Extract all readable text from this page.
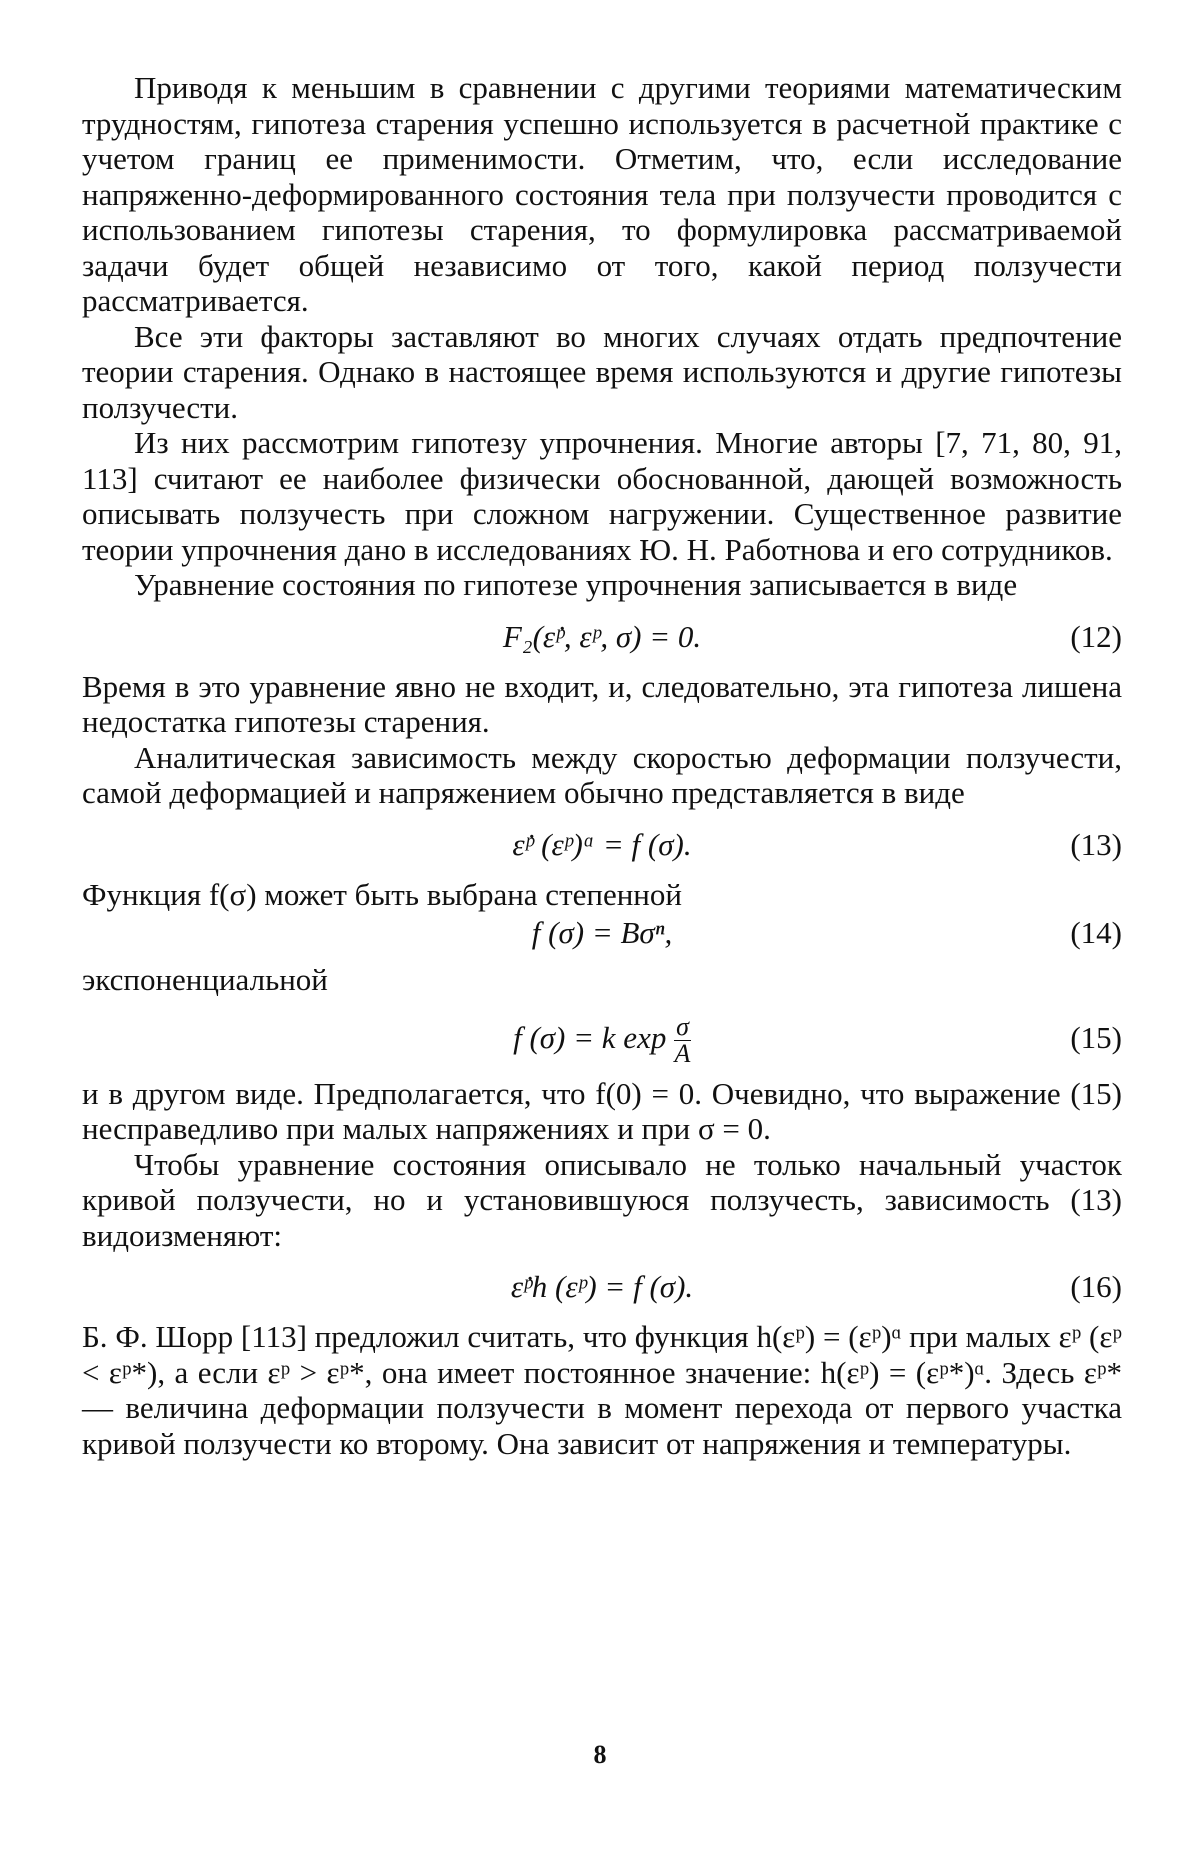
Приводя к меньшим в сравнении с другими теориями математическим трудностям, гипотеза старения успешно используется в расчетной практике с учетом границ ее применимости. Отметим, что, если исследование напряженно-деформированного состояния тела при ползучести проводится с использованием гипотезы старения, то формулировка рассматриваемой задачи будет общей независимо от того, какой период ползучести рассматривается.

Все эти факторы заставляют во многих случаях отдать предпочтение теории старения. Однако в настоящее время используются и другие гипотезы ползучести.

Из них рассмотрим гипотезу упрочнения. Многие авторы [7, 71, 80, 91, 113] считают ее наиболее физически обоснованной, дающей возможность описывать ползучесть при сложном нагружении. Существенное развитие теории упрочнения дано в исследованиях Ю. Н. Работнова и его сотрудников.

Уравнение состояния по гипотезе упрочнения записывается в виде

F₂(ε̇ᵖ, εᵖ, σ) = 0.	(12)

Время в это уравнение явно не входит, и, следовательно, эта гипотеза лишена недостатка гипотезы старения.

Аналитическая зависимость между скоростью деформации ползучести, самой деформацией и напряжением обычно представляется в виде

ε̇ᵖ (εᵖ)ᵅ = f (σ).	(13)

Функция f(σ) может быть выбрана степенной

f (σ) = Bσⁿ,	(14)

экспоненциальной

f (σ) = k $\exp \frac{\sigma}{A}$	(15)

и в другом виде. Предполагается, что f(0) = 0. Очевидно, что выражение (15) несправедливо при малых напряжениях и при σ = 0.

Чтобы уравнение состояния описывало не только начальный участок кривой ползучести, но и установившуюся ползучесть, зависимость (13) видоизменяют:

ε̇ᵖh (εᵖ) = f (σ).	(16)

Б. Ф. Шорр [113] предложил считать, что функция h(εᵖ) = (εᵖ)ᵅ при малых εᵖ (εᵖ < εᵖ*), а если εᵖ > εᵖ*, она имеет постоянное значение: h(εᵖ) = (εᵖ*)ᵅ. Здесь εᵖ* — величина деформации ползучести в момент перехода от первого участка кривой ползучести ко второму. Она зависит от напряжения и температуры.

8
